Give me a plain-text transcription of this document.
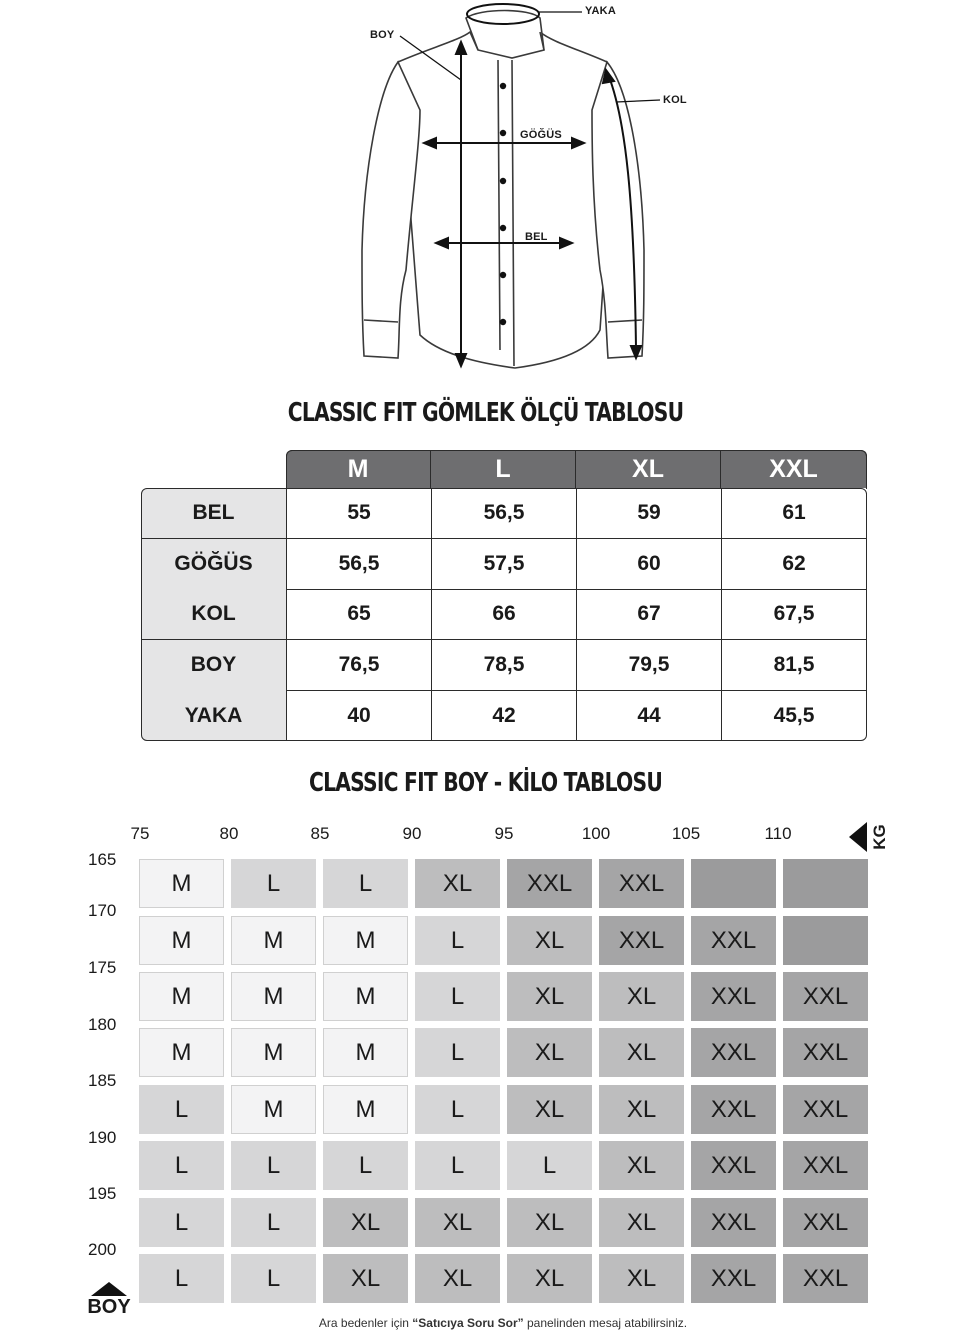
YAKA
BOY
KOL
GÖĞÜS
BEL
CLASSIC FIT GÖMLEK ÖLÇÜ TABLOSU
M	L	XL	XXL
BEL	55	56,5	59	61
GÖĞÜS	56,5	57,5	60	62
KOL	65	66	67	67,5
BOY	76,5	78,5	79,5	81,5
YAKA	40	42	44	45,5
CLASSIC FIT BOY - KİLO TABLOSU
75	80	85	90	95	100	105	110
165
170
175
180
185
190
195
200
KG
M	L	L	XL	XXL	XXL
M	M	M	L	XL	XXL	XXL
M	M	M	L	XL	XL	XXL	XXL
M	M	M	L	XL	XL	XXL	XXL
L	M	M	L	XL	XL	XXL	XXL
L	L	L	L	L	XL	XXL	XXL
L	L	XL	XL	XL	XL	XXL	XXL
L	L	XL	XL	XL	XL	XXL	XXL
BOY
Ara bedenler için “Satıcıya Soru Sor” panelinden mesaj atabilirsiniz.
